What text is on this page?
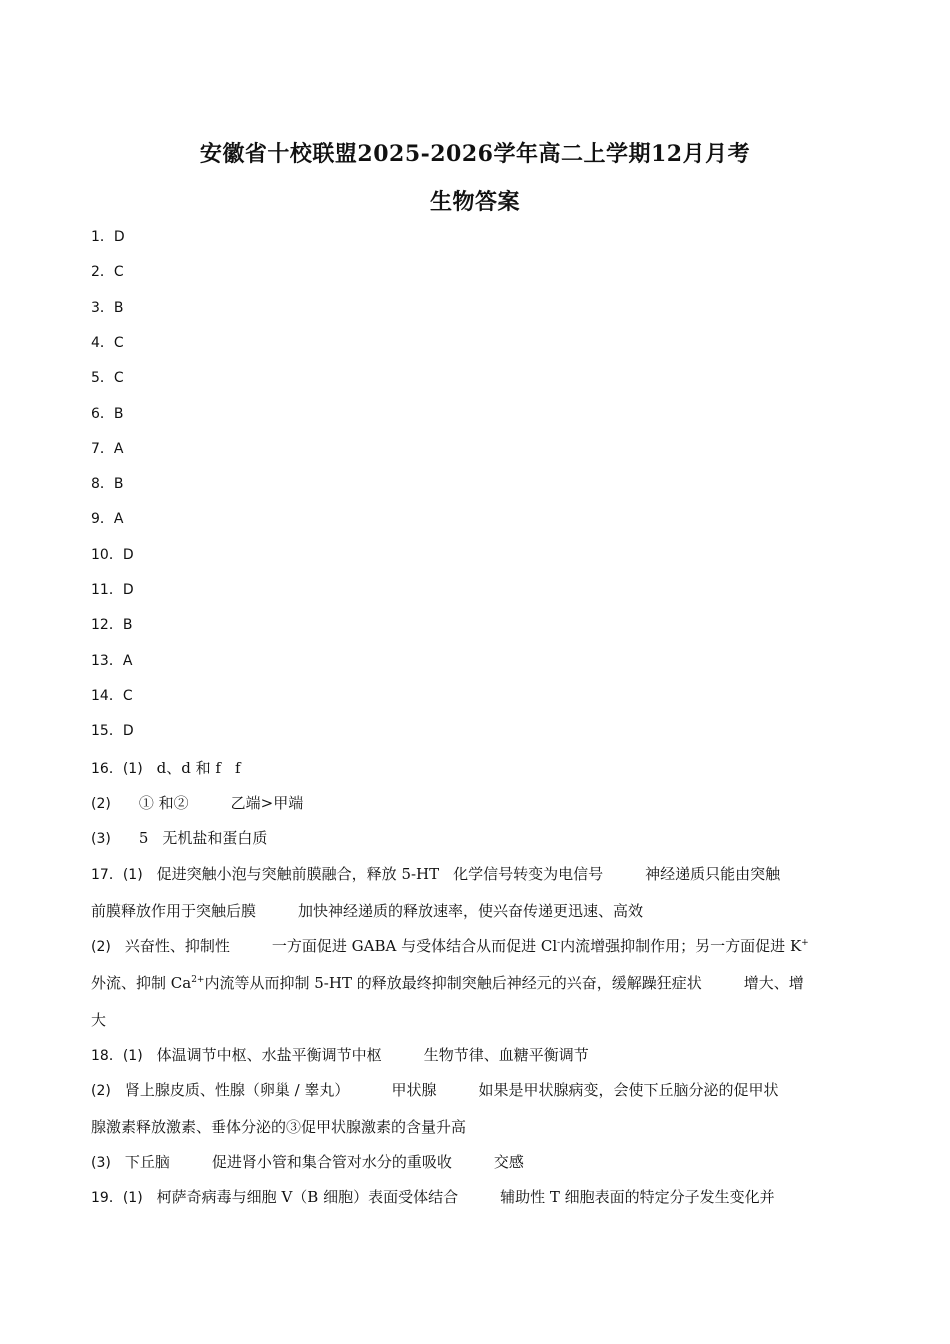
安徽省十校联盟2025-2026学年高二上学期12月月考
生物答案
1．D
2．C
3．B
4．C
5．C
6．B
7．A
8．B
9．A
10．D
11．D
12．B
13．A
14．C
15．D
16．(1) d、d 和 f f
(2) ① 和②	乙端>甲端
(3) 5 无机盐和蛋白质
17．(1) 促进突触小泡与突触前膜融合，释放 5-HT 化学信号转变为电信号	神经递质只能由突触
前膜释放作用于突触后膜	加快神经递质的释放速率，使兴奋传递更迅速、高效
(2) 兴奋性、抑制性	一方面促进 GABA 与受体结合从而促进 Cl-内流增强抑制作用；另一方面促进 K+
外流、抑制 $Ca^{2+}$内流等从而抑制 5-HT 的释放最终抑制突触后神经元的兴奋，缓解躁狂症状	增大、增
大
18．(1) 体温调节中枢、水盐平衡调节中枢	生物节律、血糖平衡调节
(2) 肾上腺皮质、性腺（卵巢 / 睾丸）	甲状腺	如果是甲状腺病变，会使下丘脑分泌的促甲状
腺激素释放激素、垂体分泌的③促甲状腺激素的含量升高
(3) 下丘脑	促进肾小管和集合管对水分的重吸收	交感
19．(1) 柯萨奇病毒与细胞 Ⅴ（B 细胞）表面受体结合	辅助性 T 细胞表面的特定分子发生变化并
